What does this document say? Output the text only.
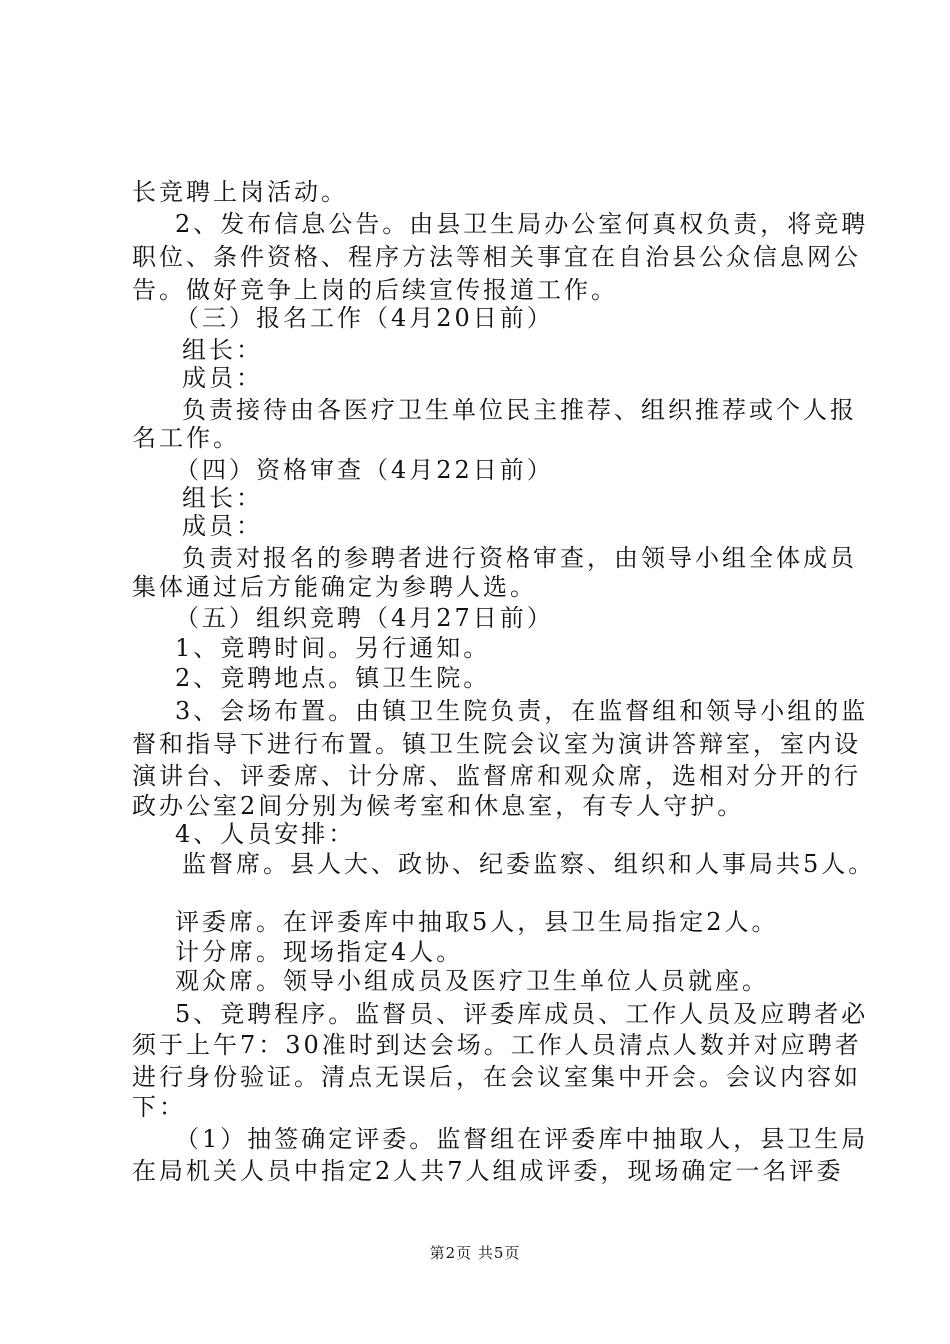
长竞聘上岗活动。
2、发布信息公告。由县卫生局办公室何真权负责，将竞聘
职位、条件资格、程序方法等相关事宜在自治县公众信息网公
告。做好竞争上岗的后续宣传报道工作。
（三）报名工作（4月20日前）
组长：
成员：
负责接待由各医疗卫生单位民主推荐、组织推荐或个人报
名工作。
（四）资格审查（4月22日前）
组长：
成员：
负责对报名的参聘者进行资格审查，由领导小组全体成员
集体通过后方能确定为参聘人选。
（五）组织竞聘（4月27日前）
1、竞聘时间。另行通知。
2、竞聘地点。镇卫生院。
3、会场布置。由镇卫生院负责，在监督组和领导小组的监
督和指导下进行布置。镇卫生院会议室为演讲答辩室，室内设
演讲台、评委席、计分席、监督席和观众席，选相对分开的行
政办公室2间分别为候考室和休息室，有专人守护。
4、人员安排：
监督席。县人大、政协、纪委监察、组织和人事局共5人。
评委席。在评委库中抽取5人，县卫生局指定2人。
计分席。现场指定4人。
观众席。领导小组成员及医疗卫生单位人员就座。
5、竞聘程序。监督员、评委库成员、工作人员及应聘者必
须于上午7：30准时到达会场。工作人员清点人数并对应聘者
进行身份验证。清点无误后，在会议室集中开会。会议内容如
下：
（1）抽签确定评委。监督组在评委库中抽取人，县卫生局
在局机关人员中指定2人共7人组成评委，现场确定一名评委
第2页 共5页
